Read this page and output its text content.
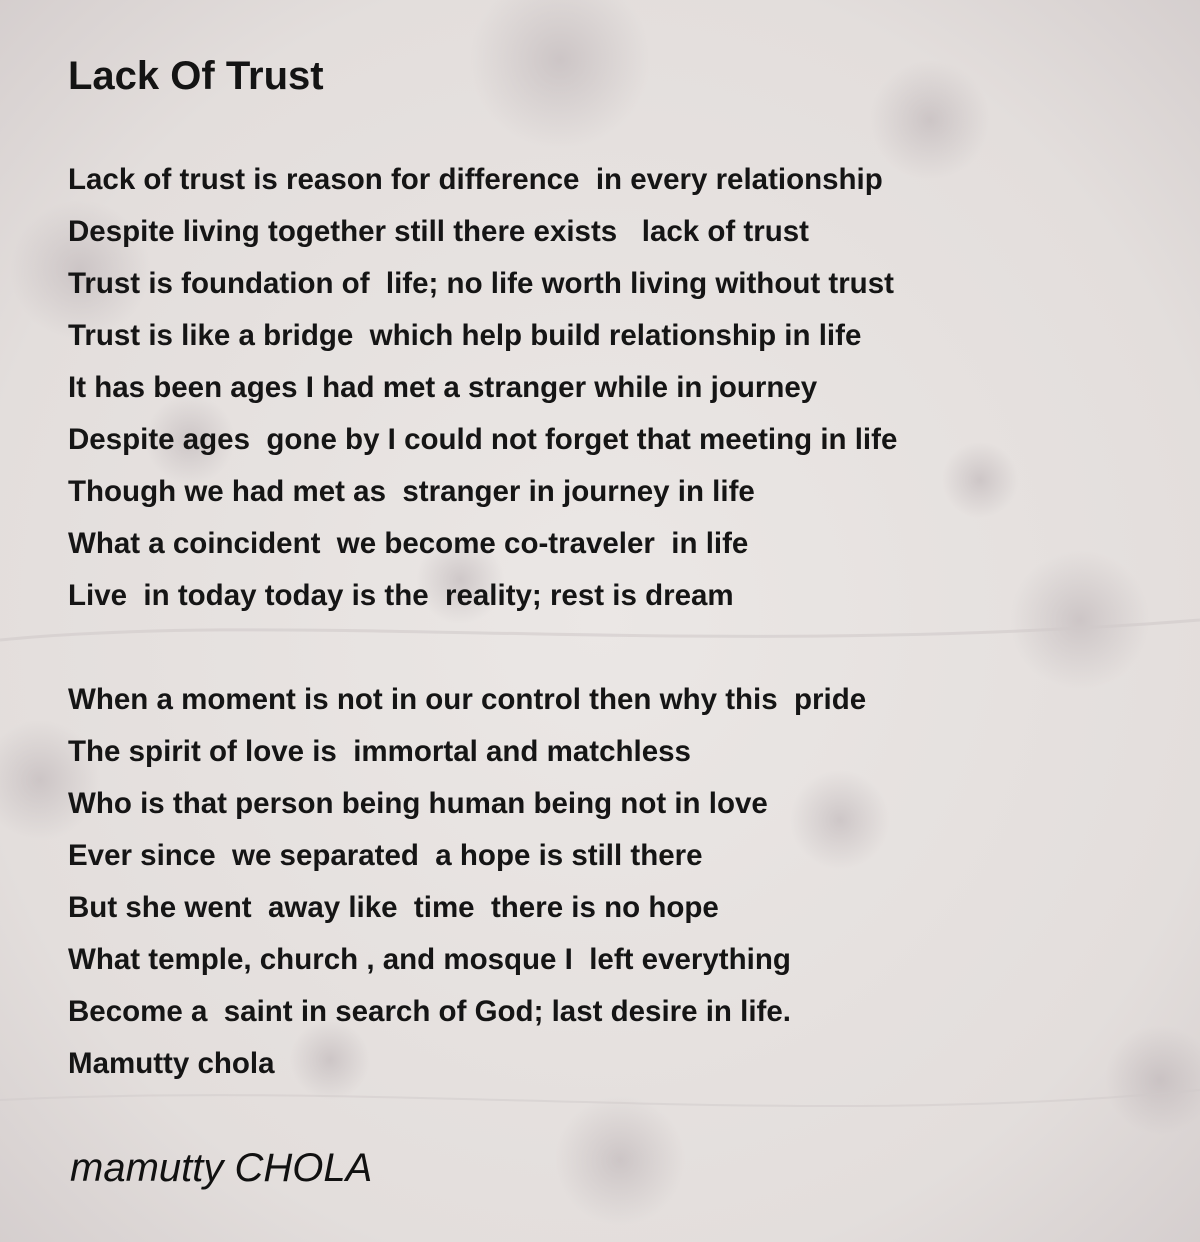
Lack Of Trust
Lack of trust is reason for difference  in every relationship
Despite living together still there exists   lack of trust
Trust is foundation of  life; no life worth living without trust
Trust is like a bridge  which help build relationship in life
It has been ages I had met a stranger while in journey
Despite ages  gone by I could not forget that meeting in life
Though we had met as  stranger in journey in life
What a coincident  we become co-traveler  in life
Live  in today today is the  reality; rest is dream
When a moment is not in our control then why this  pride
The spirit of love is  immortal and matchless
Who is that person being human being not in love
Ever since  we separated  a hope is still there
But she went  away like  time  there is no hope
What temple, church , and mosque I  left everything
Become a  saint in search of God; last desire in life.
Mamutty chola

mamutty CHOLA
